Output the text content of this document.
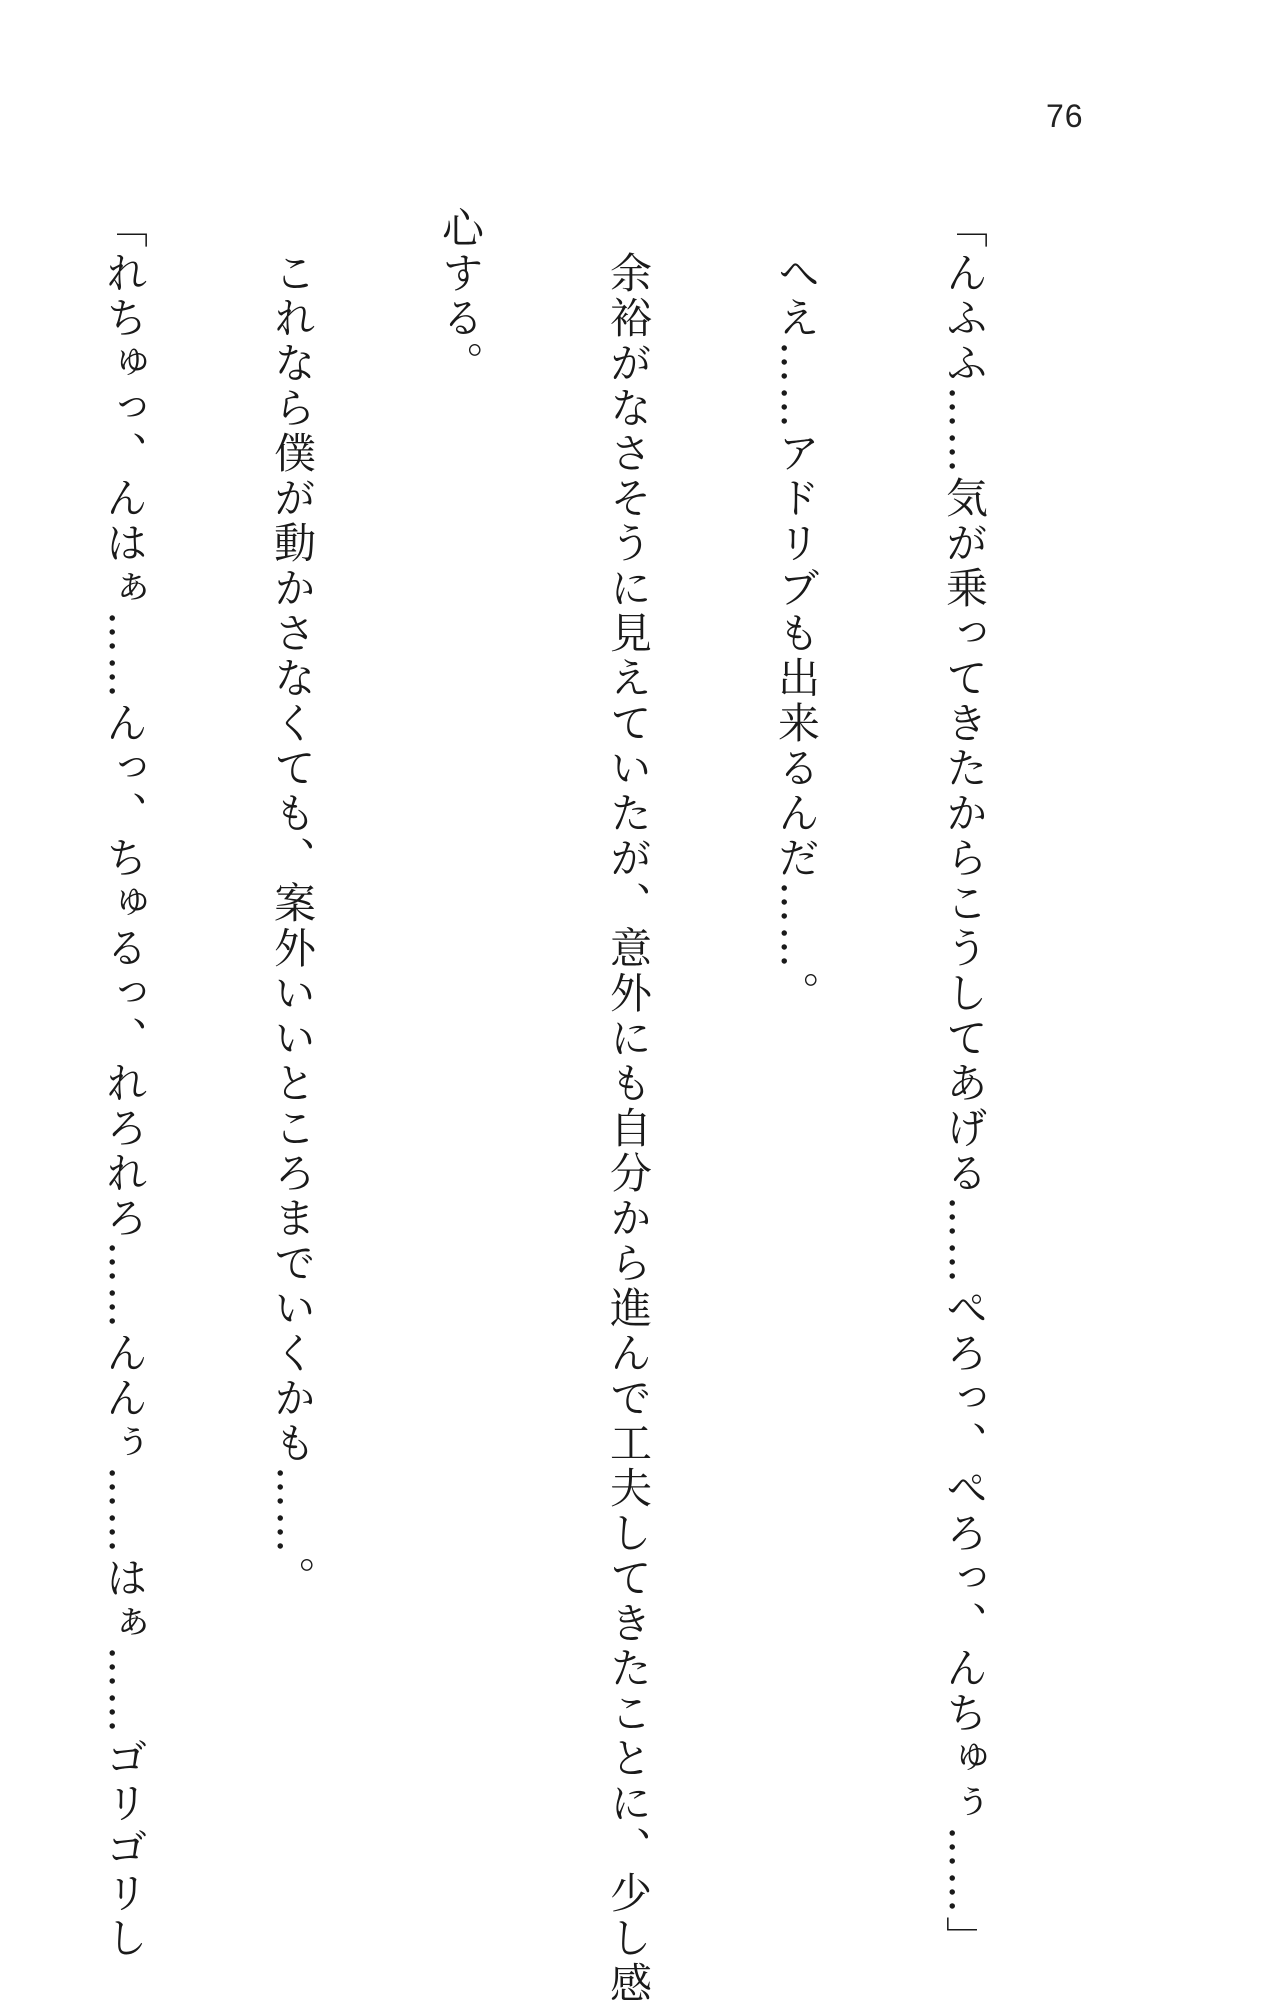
76

「んふふ……気が乗ってきたからこうしてあげる……ぺろっ、ぺろっ、んちゅぅ……」

　へえ……アドリブも出来るんだ……。

　余裕がなさそうに見えていたが、意外にも自分から進んで工夫してきたことに、少し感

心する。

　これなら僕が動かさなくても、案外いいところまでいくかも……。

「れちゅっ、んはぁ……んっ、ちゅるっ、れろれろ……んんぅ……はぁ……ゴリゴリし
